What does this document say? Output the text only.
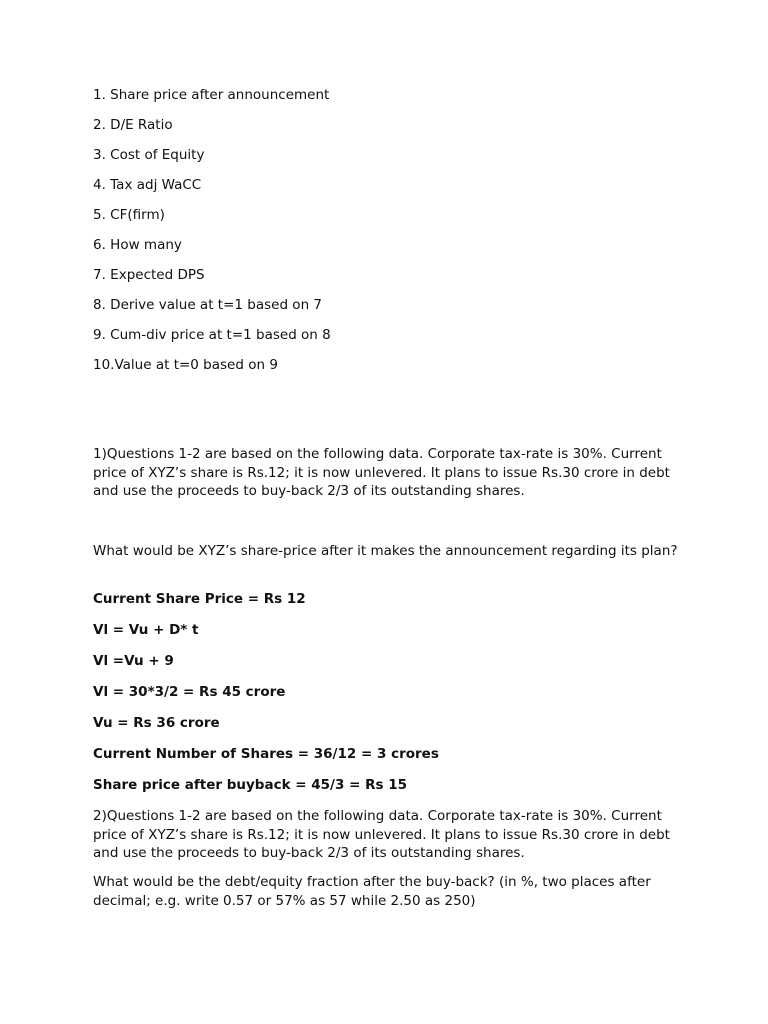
1. Share price after announcement
2. D/E Ratio
3. Cost of Equity
4. Tax adj WaCC
5. CF(firm)
6. How many
7. Expected DPS
8. Derive value at t=1 based on 7
9. Cum-div price at t=1 based on 8
10.Value at t=0 based on 9

1)Questions 1-2 are based on the following data. Corporate tax-rate is 30%. Current price of XYZ’s share is Rs.12; it is now unlevered. It plans to issue Rs.30 crore in debt and use the proceeds to buy-back 2/3 of its outstanding shares.

What would be XYZ’s share-price after it makes the announcement regarding its plan?

Current Share Price = Rs 12

Vl = Vu + D* t

Vl =Vu + 9

Vl = 30*3/2 = Rs 45 crore

Vu = Rs 36 crore

Current Number of Shares = 36/12 = 3 crores

Share price after buyback = 45/3 = Rs 15

2)Questions 1-2 are based on the following data. Corporate tax-rate is 30%. Current price of XYZ’s share is Rs.12; it is now unlevered. It plans to issue Rs.30 crore in debt and use the proceeds to buy-back 2/3 of its outstanding shares.

What would be the debt/equity fraction after the buy-back? (in %, two places after decimal; e.g. write 0.57 or 57% as 57 while 2.50 as 250)
